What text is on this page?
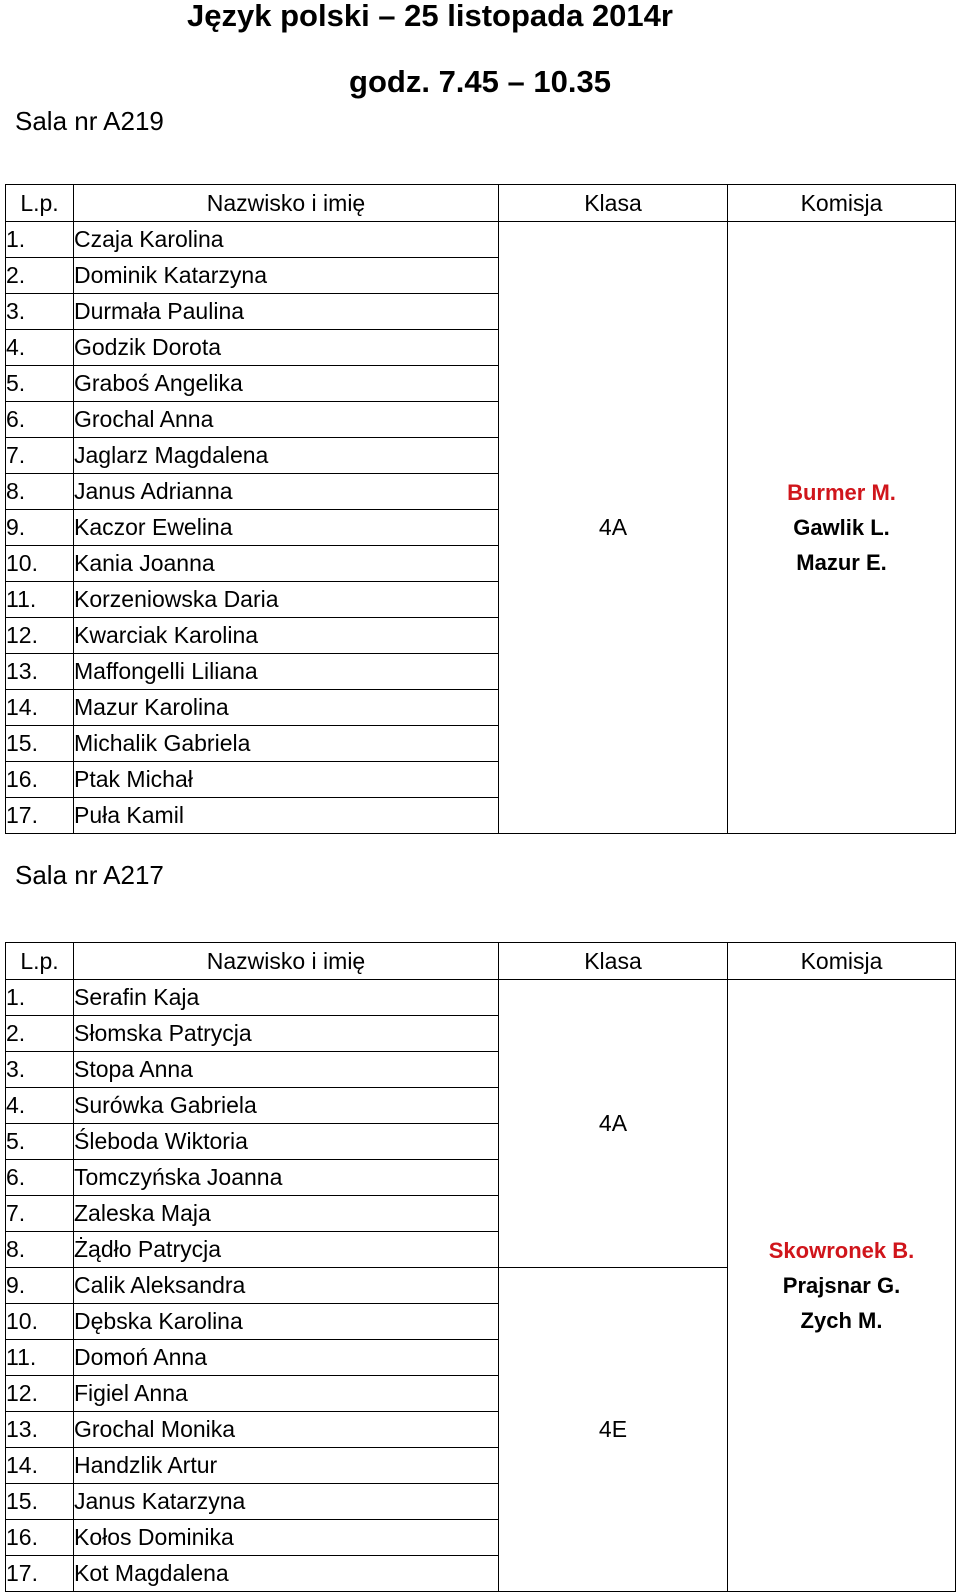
Język polski – 25 listopada 2014r
godz. 7.45 – 10.35
Sala nr A219
L.p.	Nazwisko i imię	Klasa	Komisja
1.	Czaja Karolina	4A	Burmer M.
Gawlik L.
Mazur E.

2.	Dominik Katarzyna		
3.	Durmała Paulina		
4.	Godzik Dorota		
5.	Graboś Angelika		
6.	Grochal Anna		
7.	Jaglarz Magdalena		
8.	Janus Adrianna		
9.	Kaczor Ewelina		
10.	Kania Joanna		
11.	Korzeniowska Daria		
12.	Kwarciak Karolina		
13.	Maffongelli Liliana		
14.	Mazur Karolina		
15.	Michalik Gabriela		
16.	Ptak Michał		
17.	Puła Kamil		
Sala nr A217
L.p.	Nazwisko i imię	Klasa	Komisja
1.	Serafin Kaja	4A	Skowronek B.
Prajsnar G.
Zych M.

2.	Słomska Patrycja		
3.	Stopa Anna		
4.	Surówka Gabriela		
5.	Śleboda Wiktoria		
6.	Tomczyńska Joanna		
7.	Zaleska Maja		
8.	Żądło Patrycja		
9.	Calik Aleksandra	4E	
10.	Dębska Karolina		
11.	Domoń Anna		
12.	Figiel Anna		
13.	Grochal Monika		
14.	Handzlik Artur		
15.	Janus Katarzyna		
16.	Kołos Dominika		
17.	Kot Magdalena		
